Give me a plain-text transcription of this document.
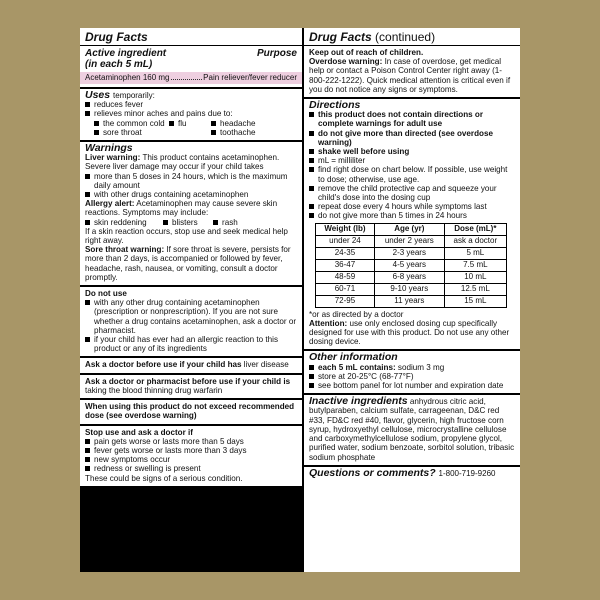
Drug Facts
Active ingredient	Purpose
(in each 5 mL)
Acetaminophen 160 mg	Pain reliever/fever reducer
Uses temporarily:
reduces fever
relieves minor aches and pains due to:
the common cold	flu	headache
sore throat	toothache
Warnings
Liver warning: This product contains acetaminophen. Severe liver damage may occur if your child takes
more than 5 doses in 24 hours, which is the maximum daily amount
with other drugs containing acetaminophen
Allergy alert: Acetaminophen may cause severe skin reactions. Symptoms may include:
skin reddening	blisters	rash
If a skin reaction occurs, stop use and seek medical help right away.
Sore throat warning: If sore throat is severe, persists for more than 2 days, is accompanied or followed by fever, headache, rash, nausea, or vomiting, consult a doctor promptly.
Do not use
with any other drug containing acetaminophen (prescription or nonprescription). If you are not sure whether a drug contains acetaminophen, ask a doctor or pharmacist.
if your child has ever had an allergic reaction to this product or any of its ingredients
Ask a doctor before use if your child has liver disease
Ask a doctor or pharmacist before use if your child is taking the blood thinning drug warfarin
When using this product do not exceed recommended dose (see overdose warning)
Stop use and ask a doctor if
pain gets worse or lasts more than 5 days
fever gets worse or lasts more than 3 days
new symptoms occur
redness or swelling is present
These could be signs of a serious condition.
Drug Facts (continued)
Keep out of reach of children.
Overdose warning: In case of overdose, get medical help or contact a Poison Control Center right away (1-800-222-1222). Quick medical attention is critical even if you do not notice any signs or symptoms.
Directions
this product does not contain directions or complete warnings for adult use
do not give more than directed (see overdose warning)
shake well before using
mL = milliliter
find right dose on chart below. If possible, use weight to dose; otherwise, use age.
remove the child protective cap and squeeze your child's dose into the dosing cup
repeat dose every 4 hours while symptoms last
do not give more than 5 times in 24 hours
Weight (lb)	Age (yr)	Dose (mL)*
under 24	under 2 years	ask a doctor
24-35	2-3 years	5 mL
36-47	4-5 years	7.5 mL
48-59	6-8 years	10 mL
60-71	9-10 years	12.5 mL
72-95	11 years	15 mL
*or as directed by a doctor
Attention: use only enclosed dosing cup specifically designed for use with this product. Do not use any other dosing device.
Other information
each 5 mL contains: sodium 3 mg
store at 20-25°C (68-77°F)
see bottom panel for lot number and expiration date
Inactive ingredients anhydrous citric acid, butylparaben, calcium sulfate, carrageenan, D&C red #33, FD&C red #40, flavor, glycerin, high fructose corn syrup, hydroxyethyl cellulose, microcrystalline cellulose and carboxymethylcellulose sodium, propylene glycol, purified water, sodium benzoate, sorbitol solution, tribasic sodium phosphate
Questions or comments? 1-800-719-9260
